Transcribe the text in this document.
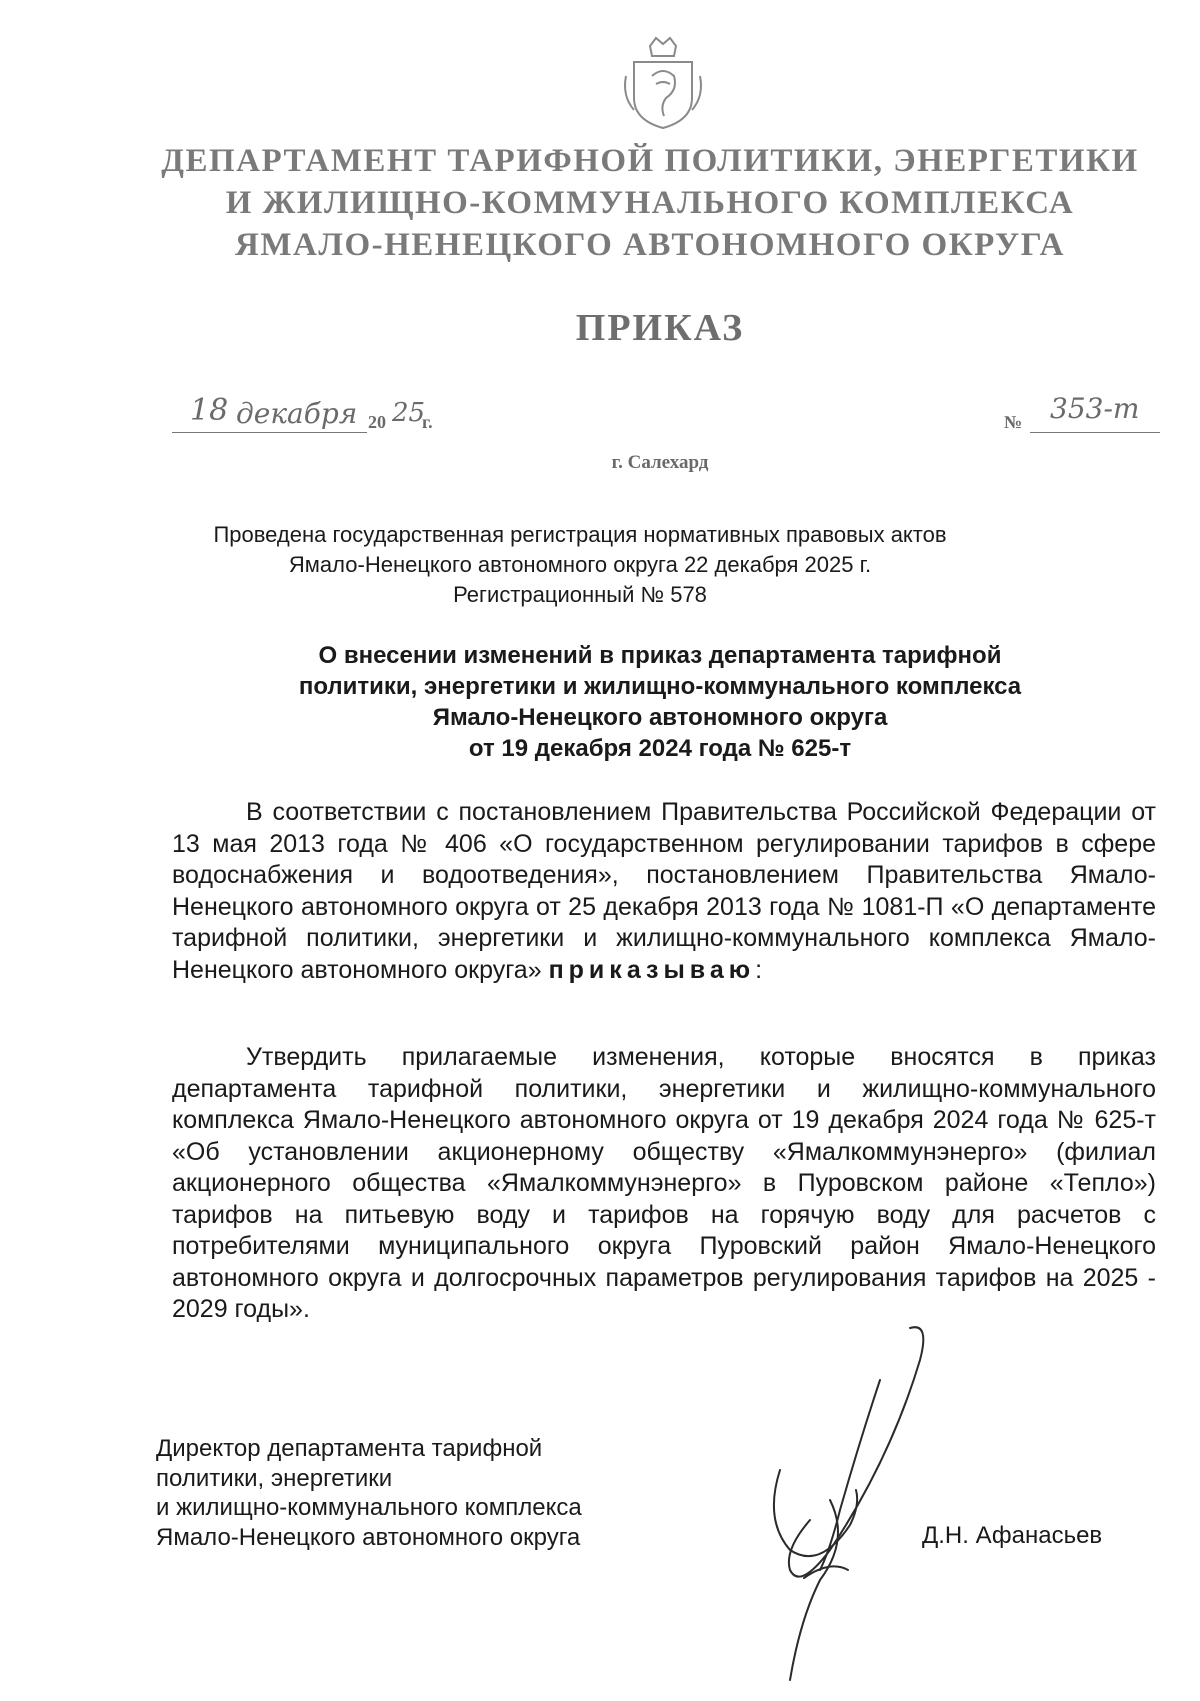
ДЕПАРТАМЕНТ ТАРИФНОЙ ПОЛИТИКИ, ЭНЕРГЕТИКИ

И ЖИЛИЩНО-КОММУНАЛЬНОГО КОМПЛЕКСА

ЯМАЛО-НЕНЕЦКОГО АВТОНОМНОГО ОКРУГА

ПРИКАЗ

18 декабря 20 25
г.	№ 353-т

г. Салехард

Проведена государственная регистрация нормативных правовых актов

Ямало-Ненецкого автономного округа 22 декабря 2025 г.

Регистрационный № 578

О внесении изменений в приказ департамента тарифной

политики, энергетики и жилищно-коммунального комплекса

Ямало-Ненецкого автономного округа

от 19 декабря 2024 года № 625-т

В соответствии с постановлением Правительства Российской Федерации от 13 мая 2013 года № 406 «О государственном регулировании тарифов в сфере водоснабжения и водоотведения», постановлением Правительства Ямало-Ненецкого автономного округа от 25 декабря 2013 года № 1081-П «О департаменте тарифной политики, энергетики и жилищно-коммунального комплекса Ямало-Ненецкого автономного округа» приказываю:

Утвердить прилагаемые изменения, которые вносятся в приказ департамента тарифной политики, энергетики и жилищно-коммунального комплекса Ямало-Ненецкого автономного округа от 19 декабря 2024 года № 625-т «Об установлении акционерному обществу «Ямалкоммунэнерго» (филиал акционерного общества «Ямалкоммунэнерго» в Пуровском районе «Тепло») тарифов на питьевую воду и тарифов на горячую воду для расчетов с потребителями муниципального округа Пуровский район Ямало-Ненецкого автономного округа и долгосрочных параметров регулирования тарифов на 2025 - 2029 годы».

Директор департамента тарифной

политики, энергетики

и жилищно-коммунального комплекса

Ямало-Ненецкого автономного округа	Д.Н. Афанасьев
